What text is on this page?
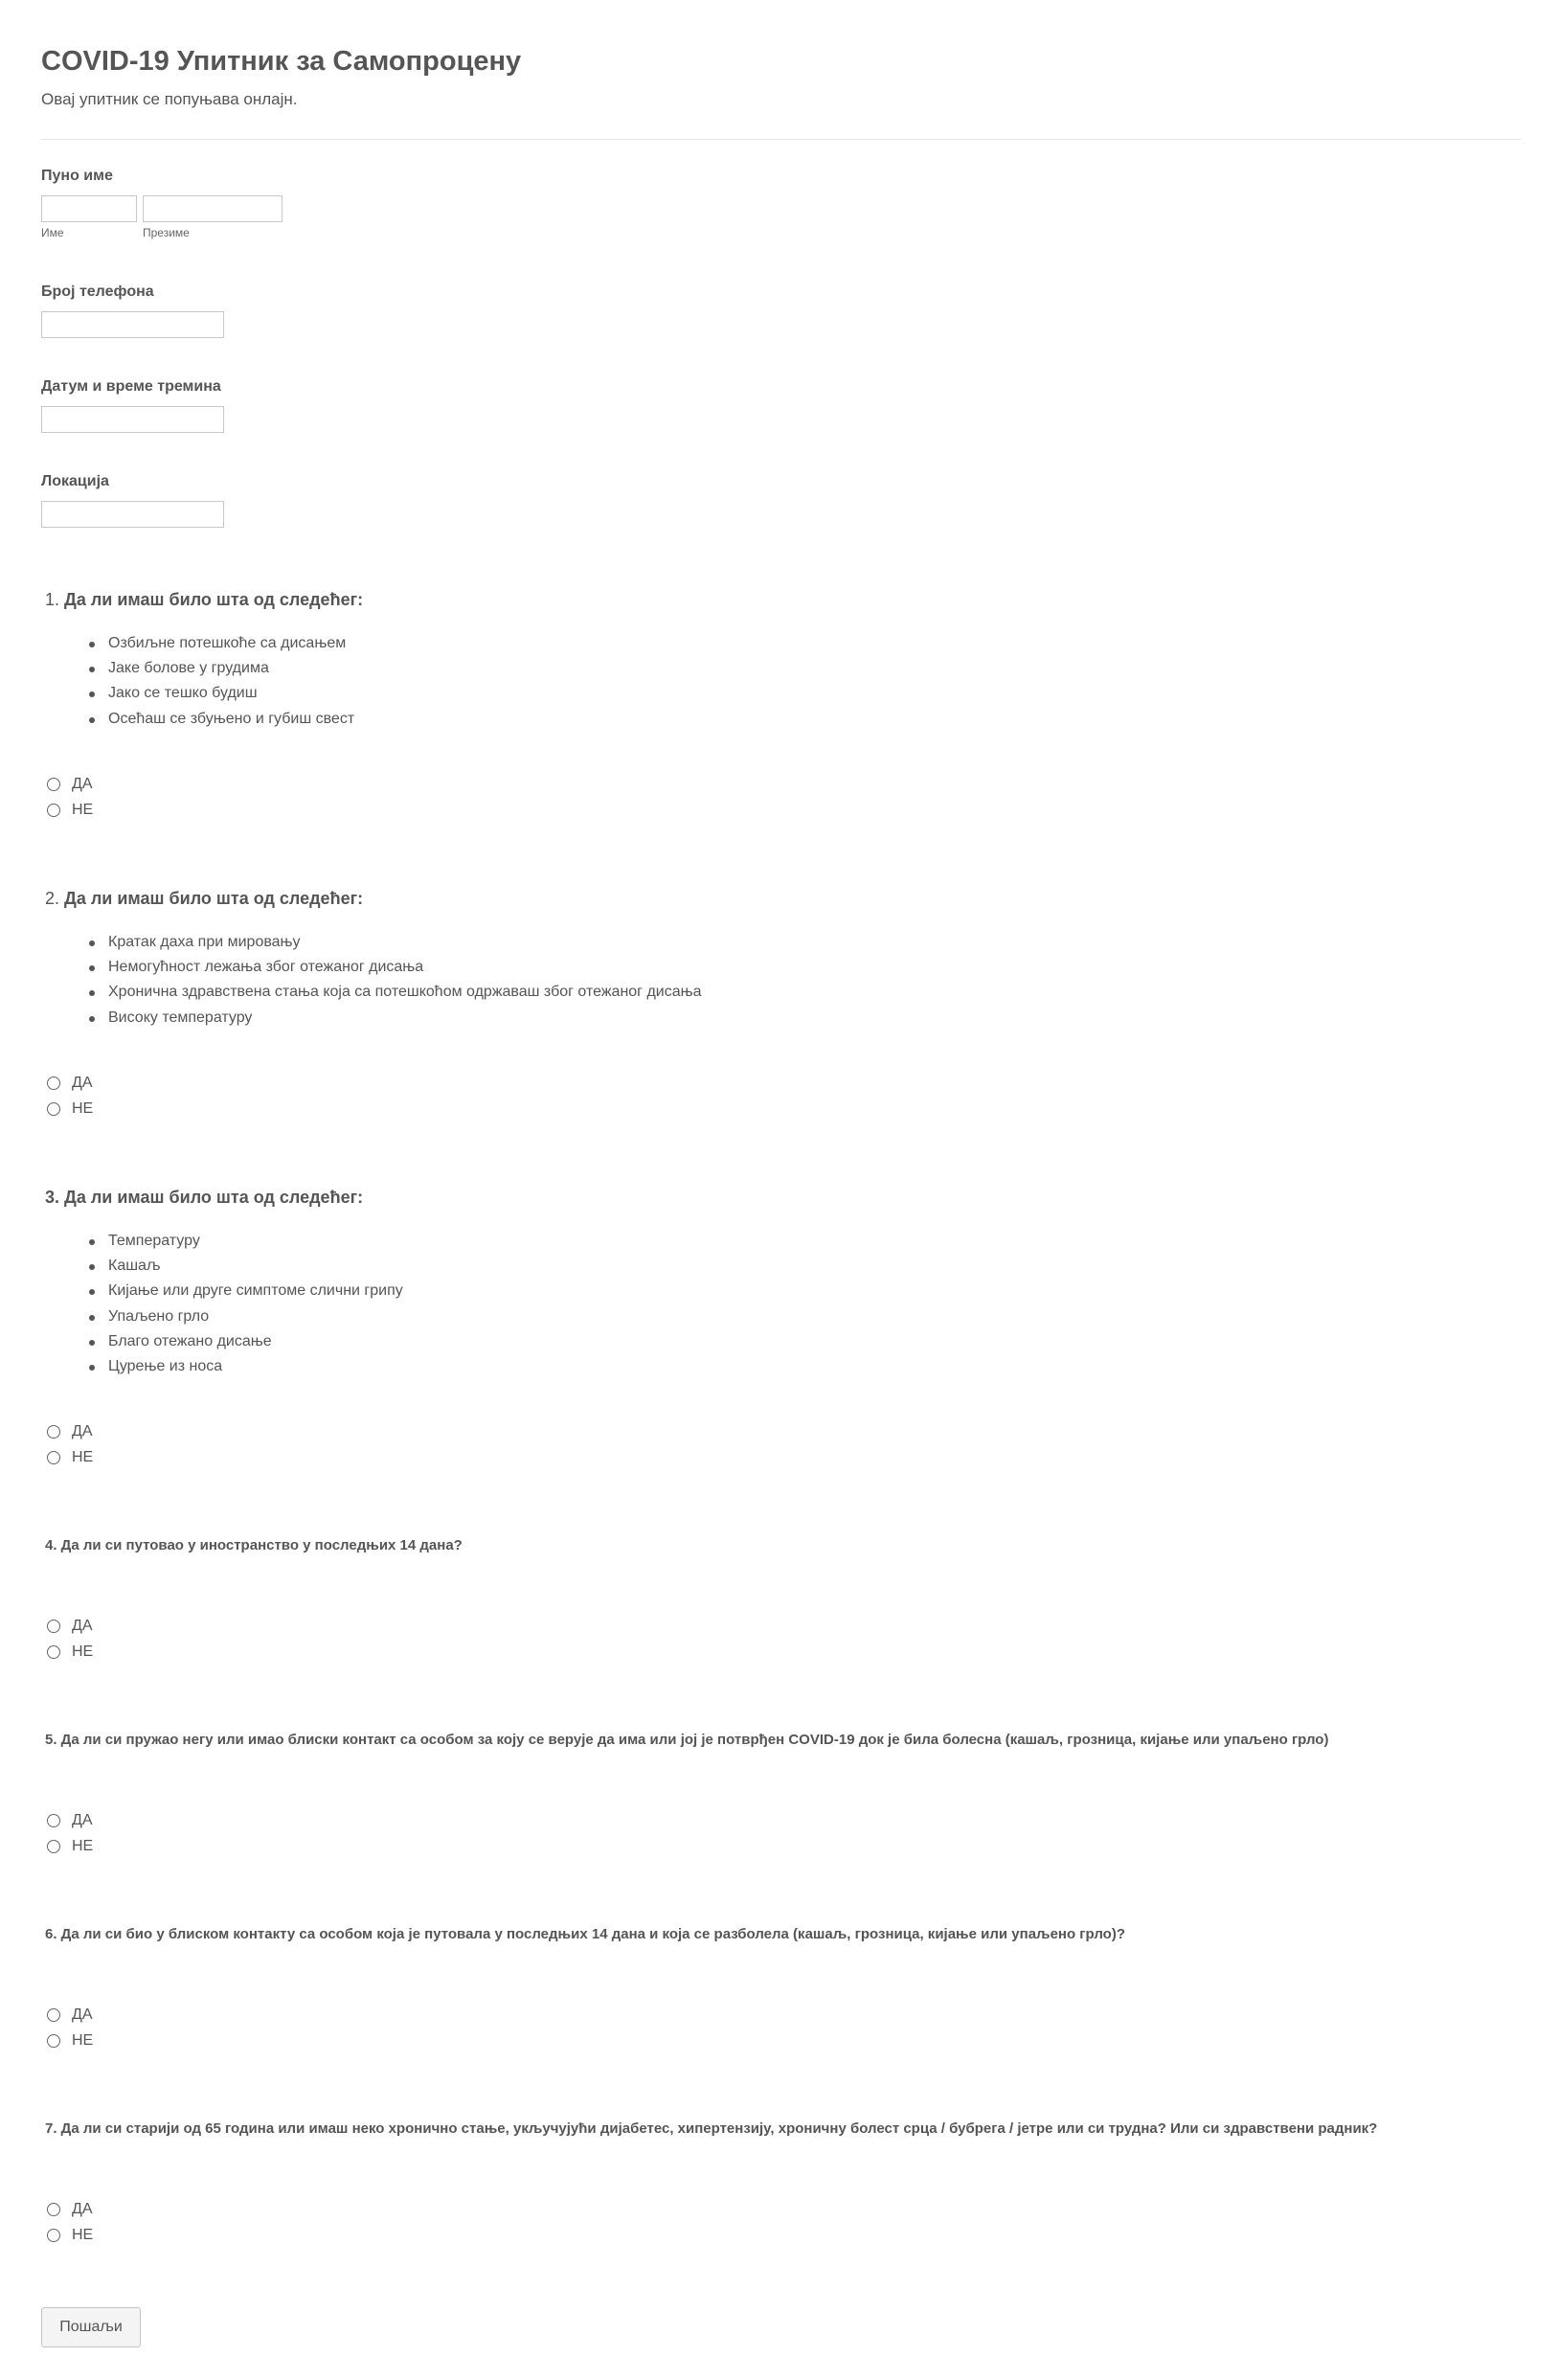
COVID-19 Упитник за Самопроцену
Овај упитник се попуњава онлајн.
Пуно име
Име	Презиме
Број телефона
Датум и време тремина
Локација
1. Да ли имаш било шта од следећег:
Озбиљне потешкоће са дисањем
Јаке болове у грудима
Јако се тешко будиш
Осећаш се збуњено и губиш свест
ДА
НЕ
2. Да ли имаш било шта од следећег:
Кратак даха при мировању
Немогућност лежања због отежаног дисања
Хронична здравствена стања која са потешкоћом одржаваш због отежаног дисања
Високу температуру
ДА
НЕ
3. Да ли имаш било шта од следећег:
Температуру
Кашаљ
Кијање или друге симптоме слични грипу
Упаљено грло
Благо отежано дисање
Цурење из носа
ДА
НЕ
4. Да ли си путовао у иностранство у последњих 14 дана?
ДА
НЕ
5. Да ли си пружао негу или имао блиски контакт са особом за коју се верује да има или јој је потврђен COVID-19 док је била болесна (кашаљ, грозница, кијање или упаљено грло)
ДА
НЕ
6. Да ли си био у блиском контакту са особом која је путовала у последњих 14 дана и која се разболела (кашаљ, грозница, кијање или упаљено грло)?
ДА
НЕ
7. Да ли си старији од 65 година или имаш неко хронично стање, укључујући дијабетес, хипертензију, хроничну болест срца / бубрега / јетре или си трудна? Или си здравствени радник?
ДА
НЕ
Пошаљи
